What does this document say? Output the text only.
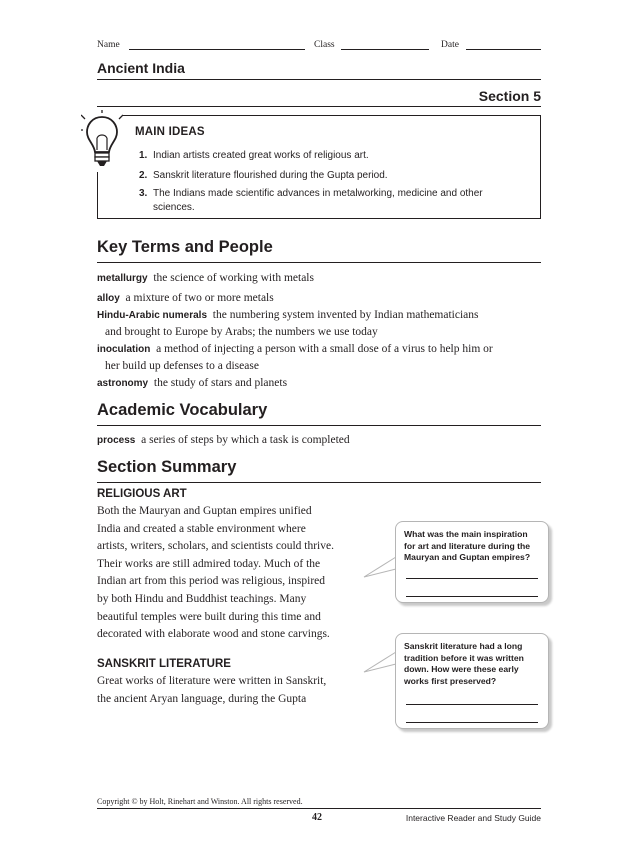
Name	Class	Date
Ancient India
Section 5
MAIN IDEAS
1. Indian artists created great works of religious art.
2. Sanskrit literature flourished during the Gupta period.
3. The Indians made scientific advances in metalworking, medicine and other sciences.
Key Terms and People
metallurgy the science of working with metals
alloy a mixture of two or more metals
Hindu-Arabic numerals the numbering system invented by Indian mathematicians
and brought to Europe by Arabs; the numbers we use today
inoculation a method of injecting a person with a small dose of a virus to help him or
her build up defenses to a disease
astronomy the study of stars and planets
Academic Vocabulary
process a series of steps by which a task is completed
Section Summary
RELIGIOUS ART
Both the Mauryan and Guptan empires unified
India and created a stable environment where
artists, writers, scholars, and scientists could thrive.
Their works are still admired today. Much of the
Indian art from this period was religious, inspired
by both Hindu and Buddhist teachings. Many
beautiful temples were built during this time and
decorated with elaborate wood and stone carvings.
SANSKRIT LITERATURE
Great works of literature were written in Sanskrit,
the ancient Aryan language, during the Gupta
What was the main inspiration for art and literature during the Mauryan and Guptan empires?
Sanskrit literature had a long tradition before it was written down. How were these early works first preserved?
Copyright © by Holt, Rinehart and Winston. All rights reserved.
42	Interactive Reader and Study Guide
